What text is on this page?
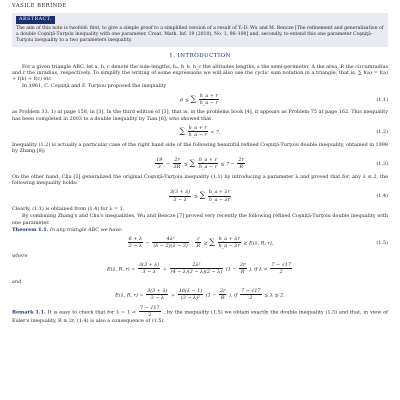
VASILE BERINDE
ABSTRACT.
The aim of this note is twofold: first, to give a simple proof to a simplified version of a result of Y.-D. Wu and M. Bencze [The refinement and generalization of a double Coşniţă-Turţoiu inequality with one parameter, Creat. Math. Inf. 19 (2010), No. 1, 96–100] and, secondly, to extend this one parameter Coşniţă-Turţoiu inequality to a two parameters inequality.
1. INTRODUCTION

For a given triangle ABC, let a, b, c denote the side-lengths, hₐ, h_b, h_c the altitudes lengths, s the semi-perimeter, Δ the area, R the circumradius and r the inradius, respectively. To simplify the writing of some expressions we will also use the cyclic sum notation in a triangle, that is, ∑ f(a) = f(a) + f(b) + f(c) etc.

In 1961, C. Coşniţă and F. Turţoiu proposed the inequality

6 ≤ ∑ $\frac{h\_a + r}{h\_a - r}$	(1.1)

as Problem 33. 1) at page 158, in [3]. In the third edition of [3], that is, in the problems book [4], it appears as Problem 75 at page 162. This inequality has been completed in 2003 to a double inequality by Tian [6], who showed that

∑ $\frac{h\_a + r}{h\_a - r} < 7$.	(1.2)

Inequality (1.2) is actually a particular case of the right hand side of the following beautiful refined Coşniţă-Turţoiu double inequality, obtained in 1998 by Zhang [8]:

$\frac{19}{3} - \frac{2r}{3R}$ ≤ ∑ $\frac{h\_a + r}{h\_a - r} \le 7 - \frac{2r}{R}$	(1.3)

On the other hand, Chu [2] generalized the original Coşniţă-Turţoiu inequality (1.1) by introducing a parameter λ and proved that for, any λ ≤ 2, the following inequality holds:

$\frac{3(3 + \lambda)}{3 - \lambda}$ ≤ ∑ $\frac{h\_a + \lambda r}{h\_a - \lambda r}$	(1.4)

Clearly, (1.1) is obtained from (1.4) for λ = 1.

By combining Zhang's and Chu's inequalities, Wu and Bencze [7] proved very recently the following refined Coşniţă-Turţoiu double inequality with one parameter.

Theorem 1.1. In any triangle ABC we have:

$\frac{6 + \lambda}{2 - \lambda} - \frac{\text{4λ²}}{(\lambda - 2)(\lambda - 3)} \cdot \frac{r}{R}$ ≥ ∑ $\frac{h\_a + \lambda r}{h\_a - \lambda r} \ge E(\lambda$, R, r),	(1.5)
where
E(λ, R, $r) = \frac{3(3 + \lambda)}{3 - \lambda} + \frac{\text{2λ²}}{(4 - \lambda)(3 - \lambda)(2 - \lambda)} (1 - \frac{2r}{R}$ ), if $\lambda < \frac{7 - √17}{2}$
and
E(λ, R, $r) = \frac{3(3 + \lambda)}{3 - \lambda} + \frac{16(\lambda - 1)}{\text{(3 − λ)²}} (1 - \frac{2r}{R}$ ), if $\frac{7 - √17}{2} \le \lambda \le 2$.

Remark 1.1. It is easy to check that for $\lambda = 1 < \frac{7 - √17}{2}$ , by the inequality (1.5) we obtain exactly the double inequality (1.3) and that, in view of Euler's inequality, R ≥ 2r, (1.4) is also a consequence of (1.5).
